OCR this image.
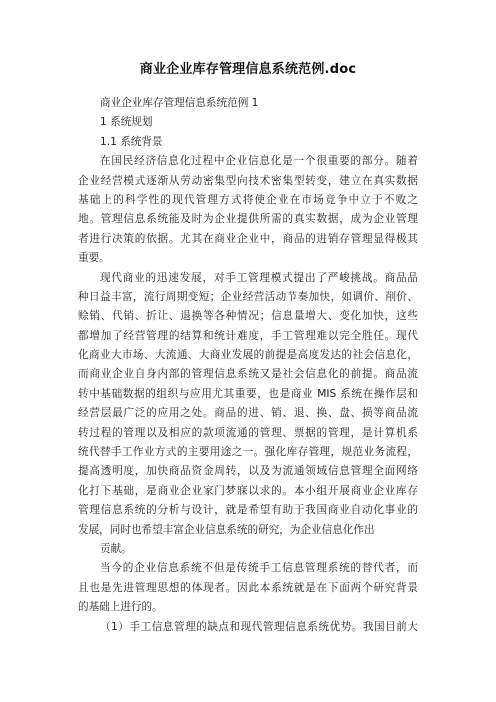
商业企业库存管理信息系统范例.doc
商业企业库存管理信息系统范例 1
1 系统规划
1.1 系统背景
在国民经济信息化过程中企业信息化是一个很重要的部分。随着
企业经营模式逐渐从劳动密集型向技术密集型转变，建立在真实数据
基础上的科学性的现代管理方式将使企业在市场竞争中立于不败之
地。管理信息系统能及时为企业提供所需的真实数据，成为企业管理
者进行决策的依据。尤其在商业企业中，商品的进销存管理显得极其
重要。
现代商业的迅速发展，对手工管理模式提出了严峻挑战。商品品
种日益丰富，流行周期变短；企业经营活动节奏加快，如调价、削价、
赊销、代销、折让、退换等各种情况；信息量增大、变化加快，这些
都增加了经营管理的结算和统计难度，手工管理难以完全胜任。现代
化商业大市场、大流通、大商业发展的前提是高度发达的社会信息化，
而商业企业自身内部的管理信息系统又是社会信息化的前提。商品流
转中基础数据的组织与应用尤其重要，也是商业 MIS 系统在操作层和
经营层最广泛的应用之处。商品的进、销、退、换、盘、损等商品流
转过程的管理以及相应的款项流通的管理、票据的管理，是计算机系
统代替手工作业方式的主要用途之一。强化库存管理，规范业务流程，
提高透明度，加快商品资金周转，以及为流通领域信息管理全面网络
化打下基础，是商业企业家门梦寐以求的。本小组开展商业企业库存
管理信息系统的分析与设计，就是希望有助于我国商业自动化事业的
发展，同时也希望丰富企业信息系统的研究，为企业信息化作出
贡献。
当今的企业信息系统不但是传统手工信息管理系统的替代者，而
且也是先进管理思想的体现者。因此本系统就是在下面两个研究背景
的基础上进行的。
（1）手工信息管理的缺点和现代管理信息系统优势。我国目前大
